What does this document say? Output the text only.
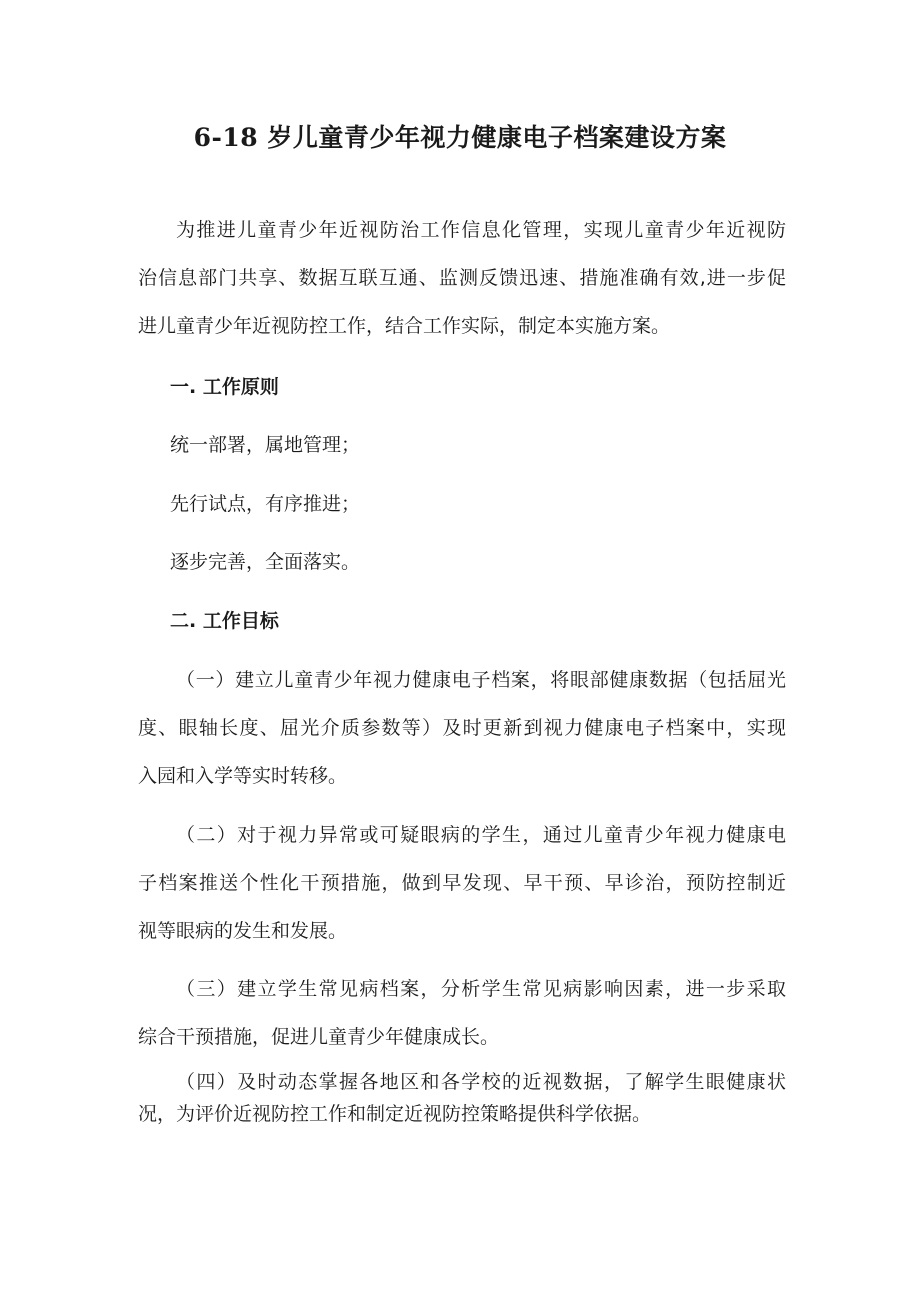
6-18 岁儿童青少年视力健康电子档案建设方案
为推进儿童青少年近视防治工作信息化管理，实现儿童青少年近视防
治信息部门共享、数据互联互通、监测反馈迅速、措施准确有效,进一步促
进儿童青少年近视防控工作，结合工作实际，制定本实施方案。
一. 工作原则
统一部署，属地管理；
先行试点，有序推进；
逐步完善，全面落实。
二. 工作目标
（一）建立儿童青少年视力健康电子档案，将眼部健康数据（包括屈光
度、眼轴长度、屈光介质参数等）及时更新到视力健康电子档案中，实现
入园和入学等实时转移。
（二）对于视力异常或可疑眼病的学生，通过儿童青少年视力健康电
子档案推送个性化干预措施，做到早发现、早干预、早诊治，预防控制近
视等眼病的发生和发展。
（三）建立学生常见病档案，分析学生常见病影响因素，进一步采取
综合干预措施，促进儿童青少年健康成长。
（四）及时动态掌握各地区和各学校的近视数据，了解学生眼健康状
况，为评价近视防控工作和制定近视防控策略提供科学依据。
